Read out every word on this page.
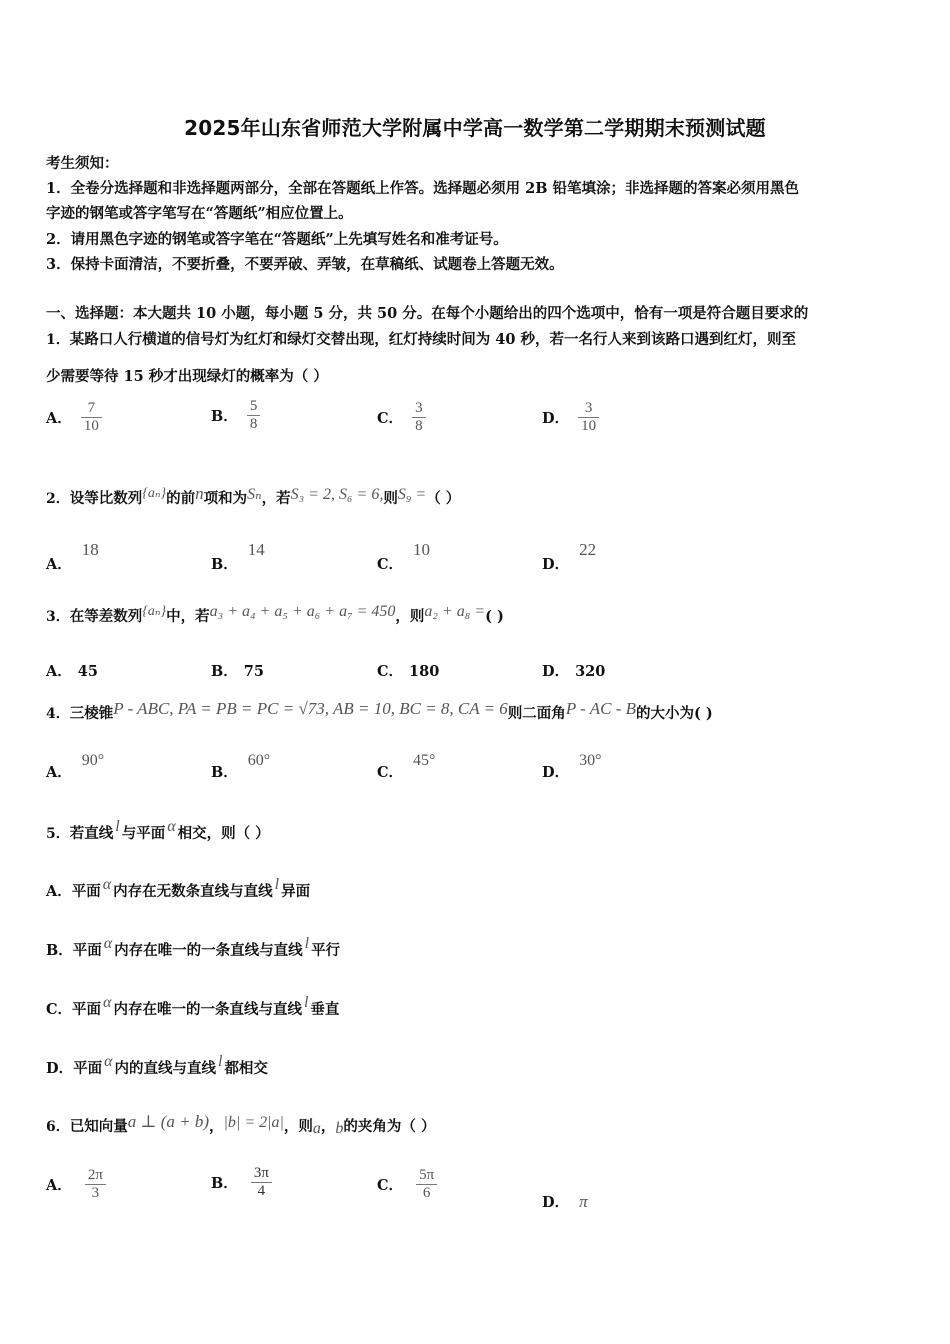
2025年山东省师范大学附属中学高一数学第二学期期末预测试题
考生须知：
1．全卷分选择题和非选择题两部分，全部在答题纸上作答。选择题必须用 2B 铅笔填涂；非选择题的答案必须用黑色
字迹的钢笔或答字笔写在“答题纸”相应位置上。
2．请用黑色字迹的钢笔或答字笔在“答题纸”上先填写姓名和准考证号。
3．保持卡面清洁，不要折叠，不要弄破、弄皱，在草稿纸、试题卷上答题无效。
一、选择题：本大题共 10 小题，每小题 5 分，共 50 分。在每个小题给出的四个选项中，恰有一项是符合题目要求的
1．某路口人行横道的信号灯为红灯和绿灯交替出现，红灯持续时间为 40 秒，若一名行人来到该路口遇到红灯，则至
少需要等待 15 秒才出现绿灯的概率为（ ）
A． $\frac{7}{10}$	B． $\frac{5}{8}$	C． $\frac{3}{8}$	D． $\frac{3}{10}$
2．设等比数列{aₙ}的前n项和为Sₙ，若S₃ = 2, S₆ = 6,则S₉ =（ ）
A．18
B．14
C．10
D．22
3．在等差数列{aₙ}中，若a₃ + a₄ + a₅ + a₆ + a₇ = 450，则a₂ + a₈ =( )
A． 45	B． 75	C． 180	D． 320
4．三棱锥P - ABC, PA = PB = PC = √73, AB = 10, BC = 8, CA = 6则二面角P - AC - B的大小为( )
A．90°
B．60°
C．45°
D．30°
5．若直线 l 与平面 α 相交，则（ ）
A．平面 α 内存在无数条直线与直线 l 异面
B．平面 α 内存在唯一的一条直线与直线 l 平行
C．平面 α 内存在唯一的一条直线与直线 l 垂直
D．平面 α 内的直线与直线 l 都相交
6．已知向量a ⊥ (a + b)，|b| = 2|a|，则a，b的夹角为（ ）
A． $\frac{2\pi}{3}$	B． $\frac{3\pi}{4}$	C． $\frac{5\pi}{6}$
D． π
